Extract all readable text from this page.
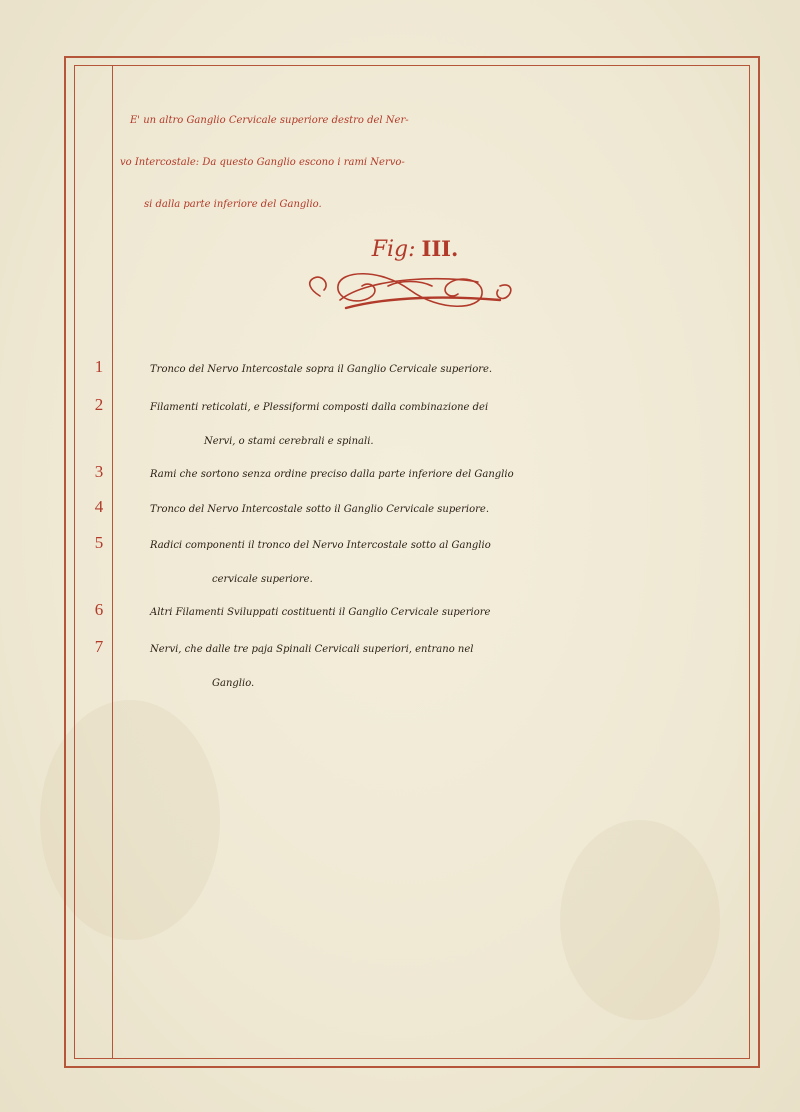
E' un altro Ganglio Cervicale superiore destro del Ner-
vo Intercostale: Da questo Ganglio escono i rami Nervo-
si dalla parte inferiore del Ganglio.
Fig: III.
1	Tronco del Nervo Intercostale sopra il Ganglio Cervicale superiore.
2	Filamenti reticolati, e Plessiformi composti dalla combinazione dei
Nervi, o stami cerebrali e spinali.
3	Rami che sortono senza ordine preciso dalla parte inferiore del Ganglio
4	Tronco del Nervo Intercostale sotto il Ganglio Cervicale superiore.
5	Radici componenti il tronco del Nervo Intercostale sotto al Ganglio
cervicale superiore.
6	Altri Filamenti Sviluppati costituenti il Ganglio Cervicale superiore
7	Nervi, che dalle tre paja Spinali Cervicali superiori, entrano nel
Ganglio.
